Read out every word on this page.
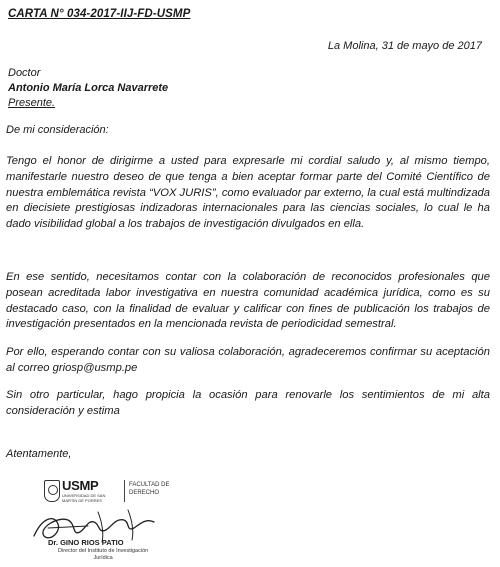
CARTA N° 034-2017-IIJ-FD-USMP
La Molina, 31 de mayo de 2017
Doctor
Antonio María Lorca Navarrete
Presente.
De mi consideración:

Tengo el honor de dirigirme a usted para expresarle mi cordial saludo y, al mismo tiempo, manifestarle nuestro deseo de que tenga a bien aceptar formar parte del Comité Científico de nuestra emblemática revista “VOX JURIS”, como evaluador par externo, la cual está multindizada en diecisiete prestigiosas indizadoras internacionales para las ciencias sociales, lo cual le ha dado visibilidad global a los trabajos de investigación divulgados en ella.

En ese sentido, necesitamos contar con la colaboración de reconocidos profesionales que posean acreditada labor investigativa en nuestra comunidad académica jurídica, como es su destacado caso, con la finalidad de evaluar y calificar con fines de publicación los trabajos de investigación presentados en la mencionada revista de periodicidad semestral.

Por ello, esperando contar con su valiosa colaboración, agradeceremos confirmar su aceptación al correo griosp@usmp.pe

Sin otro particular, hago propicia la ocasión para renovarle los sentimientos de mi alta consideración y estima

Atentamente,
USMP
UNIVERSIDAD DE SAN MARTIN DE PORRES
FACULTAD DE
DERECHO
Dr. GINO RIOS PATIO
Director del Instituto de Investigación
Jurídica
